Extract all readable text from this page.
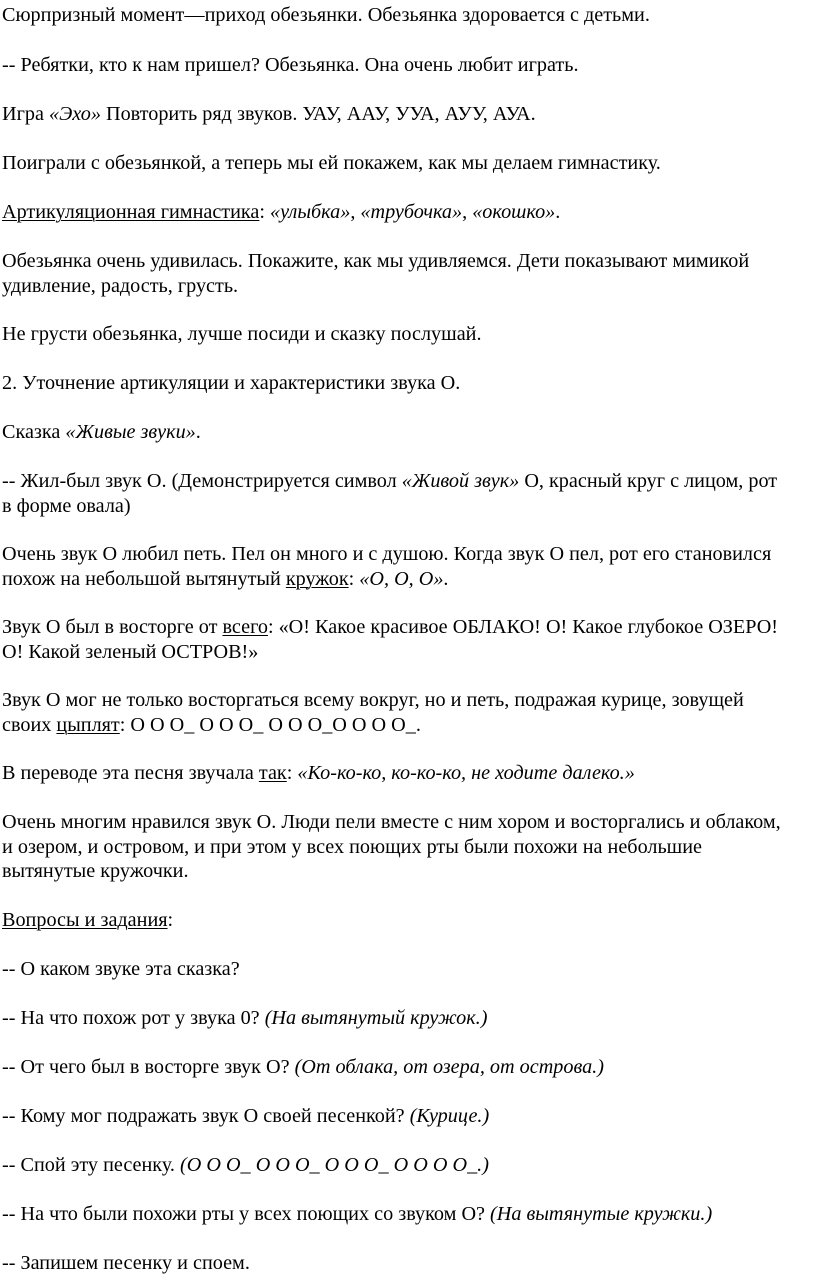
Сюрпризный момент—приход обезьянки. Обезьянка здоровается с детьми.

-- Ребятки, кто к нам пришел? Обезьянка. Она очень любит играть.

Игра «Эхо» Повторить ряд звуков. УАУ, ААУ, УУА, АУУ, АУА.

Поиграли с обезьянкой, а теперь мы ей покажем, как мы делаем гимнастику.

Артикуляционная гимнастика: «улыбка», «трубочка», «окошко».

Обезьянка очень удивилась. Покажите, как мы удивляемся. Дети показывают мимикой
удивление, радость, грусть.

Не грусти обезьянка, лучше посиди и сказку послушай.

2. Уточнение артикуляции и характеристики звука О.

Сказка «Живые звуки».

-- Жил-был звук О. (Демонстрируется символ «Живой звук» О, красный круг с лицом, рот
в форме овала)

Очень звук О любил петь. Пел он много и с душою. Когда звук О пел, рот его становился
похож на небольшой вытянутый кружок: «О, О, О».

Звук О был в восторге от всего: «О! Какое красивое ОБЛАКО! О! Какое глубокое ОЗЕРО!
О! Какой зеленый ОСТРОВ!»

Звук О мог не только восторгаться всему вокруг, но и петь, подражая курице, зовущей
своих цыплят: О О О_ О О О_ О О О_О О О О_.

В переводе эта песня звучала так: «Ко-ко-ко, ко-ко-ко, не ходите далеко.»

Очень многим нравился звук О. Люди пели вместе с ним хором и восторгались и облаком,
и озером, и островом, и при этом у всех поющих рты были похожи на небольшие
вытянутые кружочки.

Вопросы и задания:

-- О каком звуке эта сказка?

-- На что похож рот у звука 0? (На вытянутый кружок.)

-- От чего был в восторге звук О? (От облака, от озера, от острова.)

-- Кому мог подражать звук О своей песенкой? (Курице.)

-- Спой эту песенку. (О О О_ О О О_ О О О_ О О О О_.)

-- На что были похожи рты у всех поющих со звуком О? (На вытянутые кружки.)

-- Запишем песенку и споем.
